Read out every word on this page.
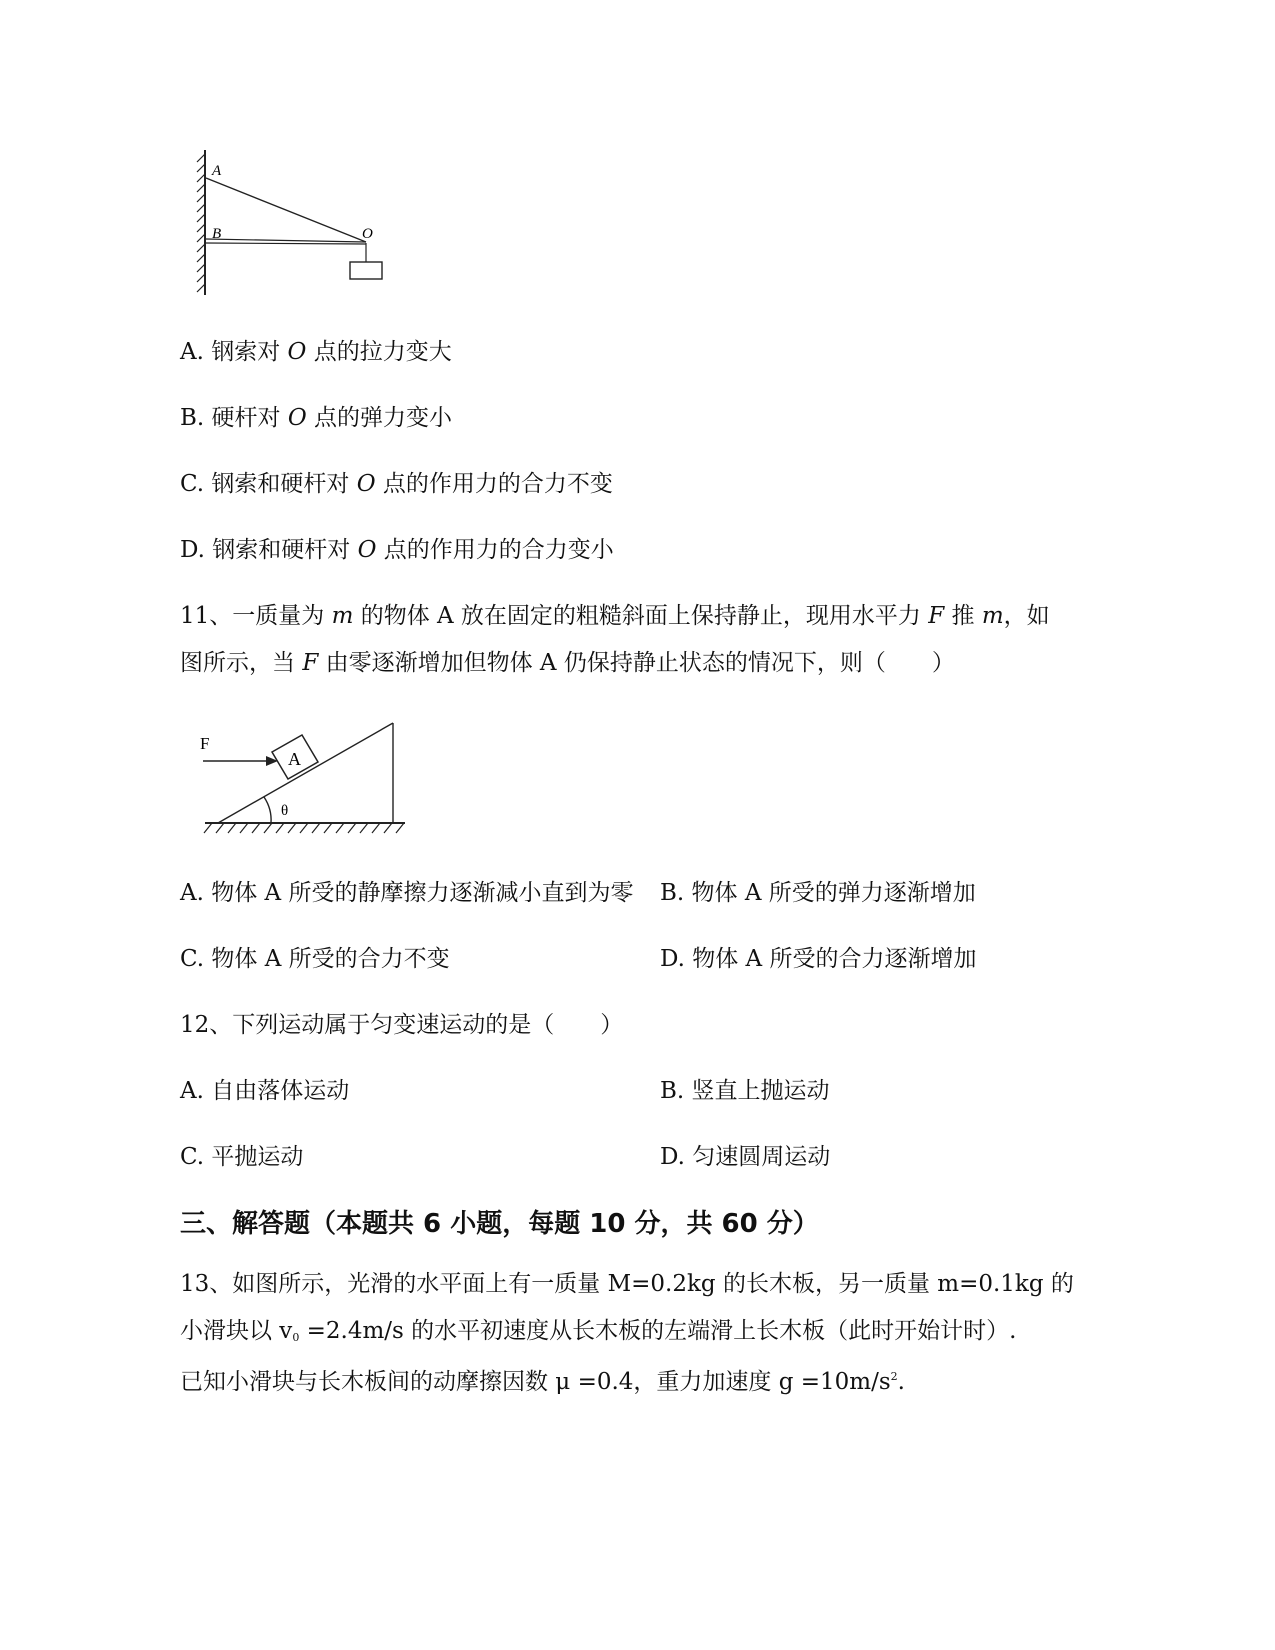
A
B	O
A. 钢索对 O 点的拉力变大
B. 硬杆对 O 点的弹力变小
C. 钢索和硬杆对 O 点的作用力的合力不变
D. 钢索和硬杆对 O 点的作用力的合力变小
11、一质量为 m 的物体 A 放在固定的粗糙斜面上保持静止，现用水平力 F 推 m，如
图所示，当 F 由零逐渐增加但物体 A 仍保持静止状态的情况下，则（　　）
F
A
θ
A. 物体 A 所受的静摩擦力逐渐减小直到为零 B. 物体 A 所受的弹力逐渐增加
C. 物体 A 所受的合力不变	D. 物体 A 所受的合力逐渐增加
12、下列运动属于匀变速运动的是（　　）
A. 自由落体运动	B. 竖直上抛运动
C. 平抛运动	D. 匀速圆周运动
三、解答题（本题共 6 小题，每题 10 分，共 60 分）
13、如图所示，光滑的水平面上有一质量 M=0.2kg 的长木板，另一质量 m=0.1kg 的
小滑块以 $v_0 =2.4m/s$ 的水平初速度从长木板的左端滑上长木板（此时开始计时）.
已知小滑块与长木板间的动摩擦因数 μ =0.4，重力加速度 $g =10m/s^2$.
